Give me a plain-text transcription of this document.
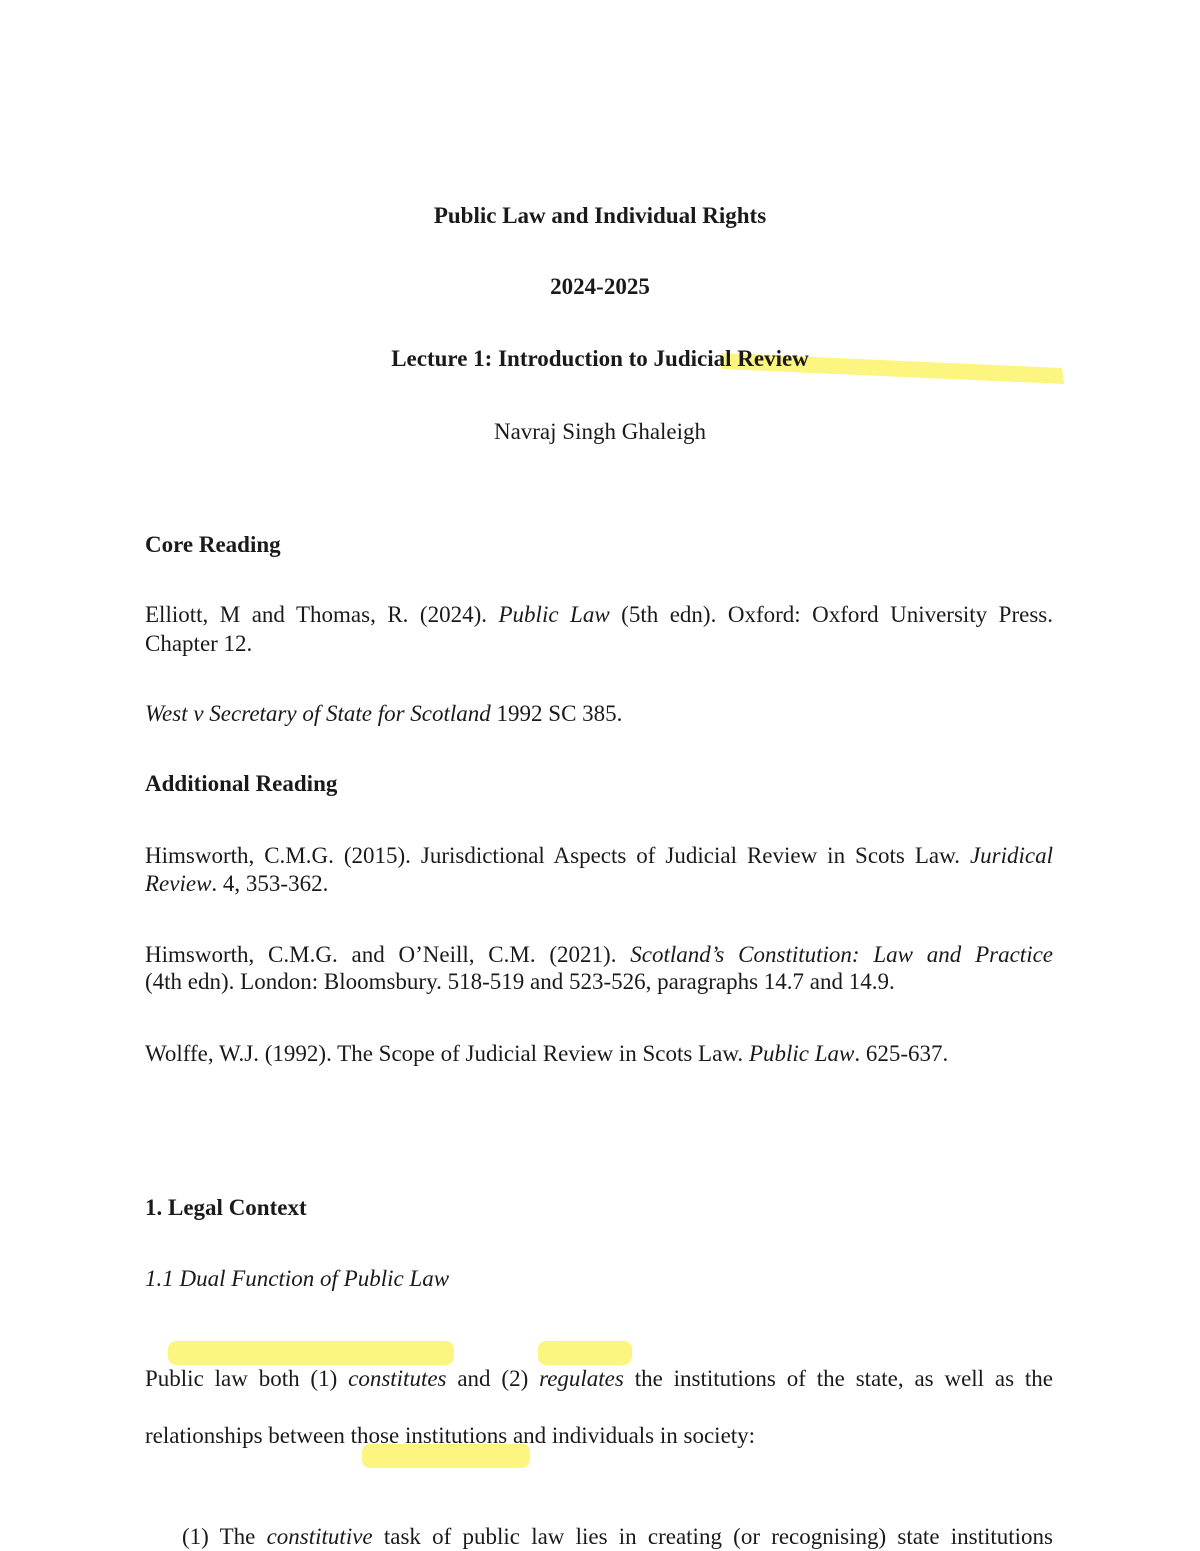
Public Law and Individual Rights
2024-2025
Lecture 1: Introduction to Judicial Review
Navraj Singh Ghaleigh
Core Reading
Elliott, M and Thomas, R. (2024). Public Law (5th edn). Oxford: Oxford University Press.
Chapter 12.
West v Secretary of State for Scotland 1992 SC 385.
Additional Reading
Himsworth, C.M.G. (2015). Jurisdictional Aspects of Judicial Review in Scots Law. Juridical
Review. 4, 353-362.
Himsworth, C.M.G. and O’Neill, C.M. (2021). Scotland’s Constitution: Law and Practice
(4th edn). London: Bloomsbury. 518-519 and 523-526, paragraphs 14.7 and 14.9.
Wolffe, W.J. (1992). The Scope of Judicial Review in Scots Law. Public Law. 625-637.
1. Legal Context
1.1 Dual Function of Public Law
Public law both (1) constitutes and (2) regulates the institutions of the state, as well as the
relationships between those institutions and individuals in society:
(1) The constitutive task of public law lies in creating (or recognising) state institutions
